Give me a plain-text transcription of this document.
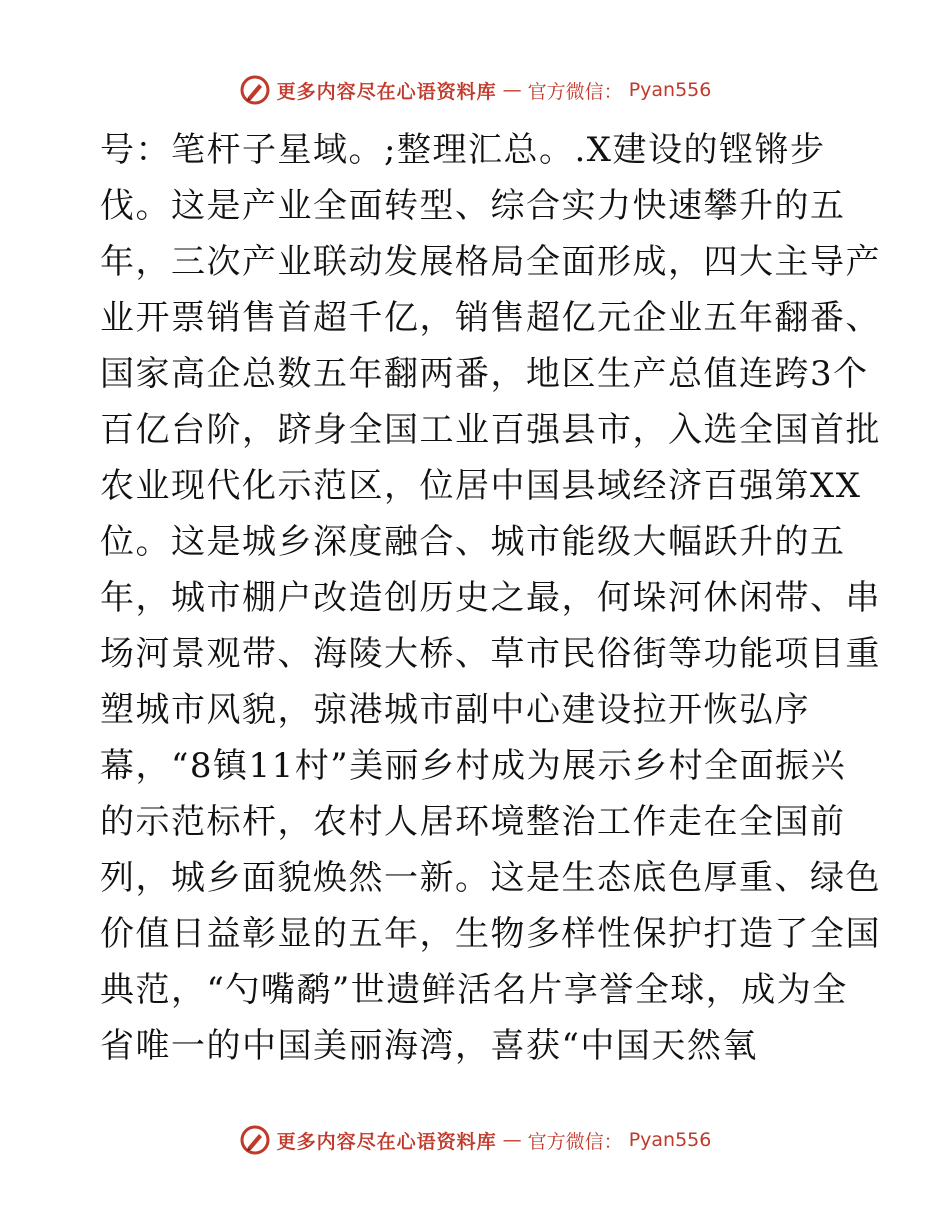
更多内容尽在心语资料库 — 官方微信： Pyan556
号：笔杆子星域。;整理汇总。.X建设的铿锵步
伐。这是产业全面转型、综合实力快速攀升的五
年，三次产业联动发展格局全面形成，四大主导产
业开票销售首超千亿，销售超亿元企业五年翻番、
国家高企总数五年翻两番，地区生产总值连跨3个
百亿台阶，跻身全国工业百强县市，入选全国首批
农业现代化示范区，位居中国县域经济百强第XX
位。这是城乡深度融合、城市能级大幅跃升的五
年，城市棚户改造创历史之最，何垛河休闲带、串
场河景观带、海陵大桥、草市民俗街等功能项目重
塑城市风貌，弶港城市副中心建设拉开恢弘序
幕，“8镇11村”美丽乡村成为展示乡村全面振兴
的示范标杆，农村人居环境整治工作走在全国前
列，城乡面貌焕然一新。这是生态底色厚重、绿色
价值日益彰显的五年，生物多样性保护打造了全国
典范，“勺嘴鹬”世遗鲜活名片享誉全球，成为全
省唯一的中国美丽海湾，喜获“中国天然氧
更多内容尽在心语资料库 — 官方微信： Pyan556
